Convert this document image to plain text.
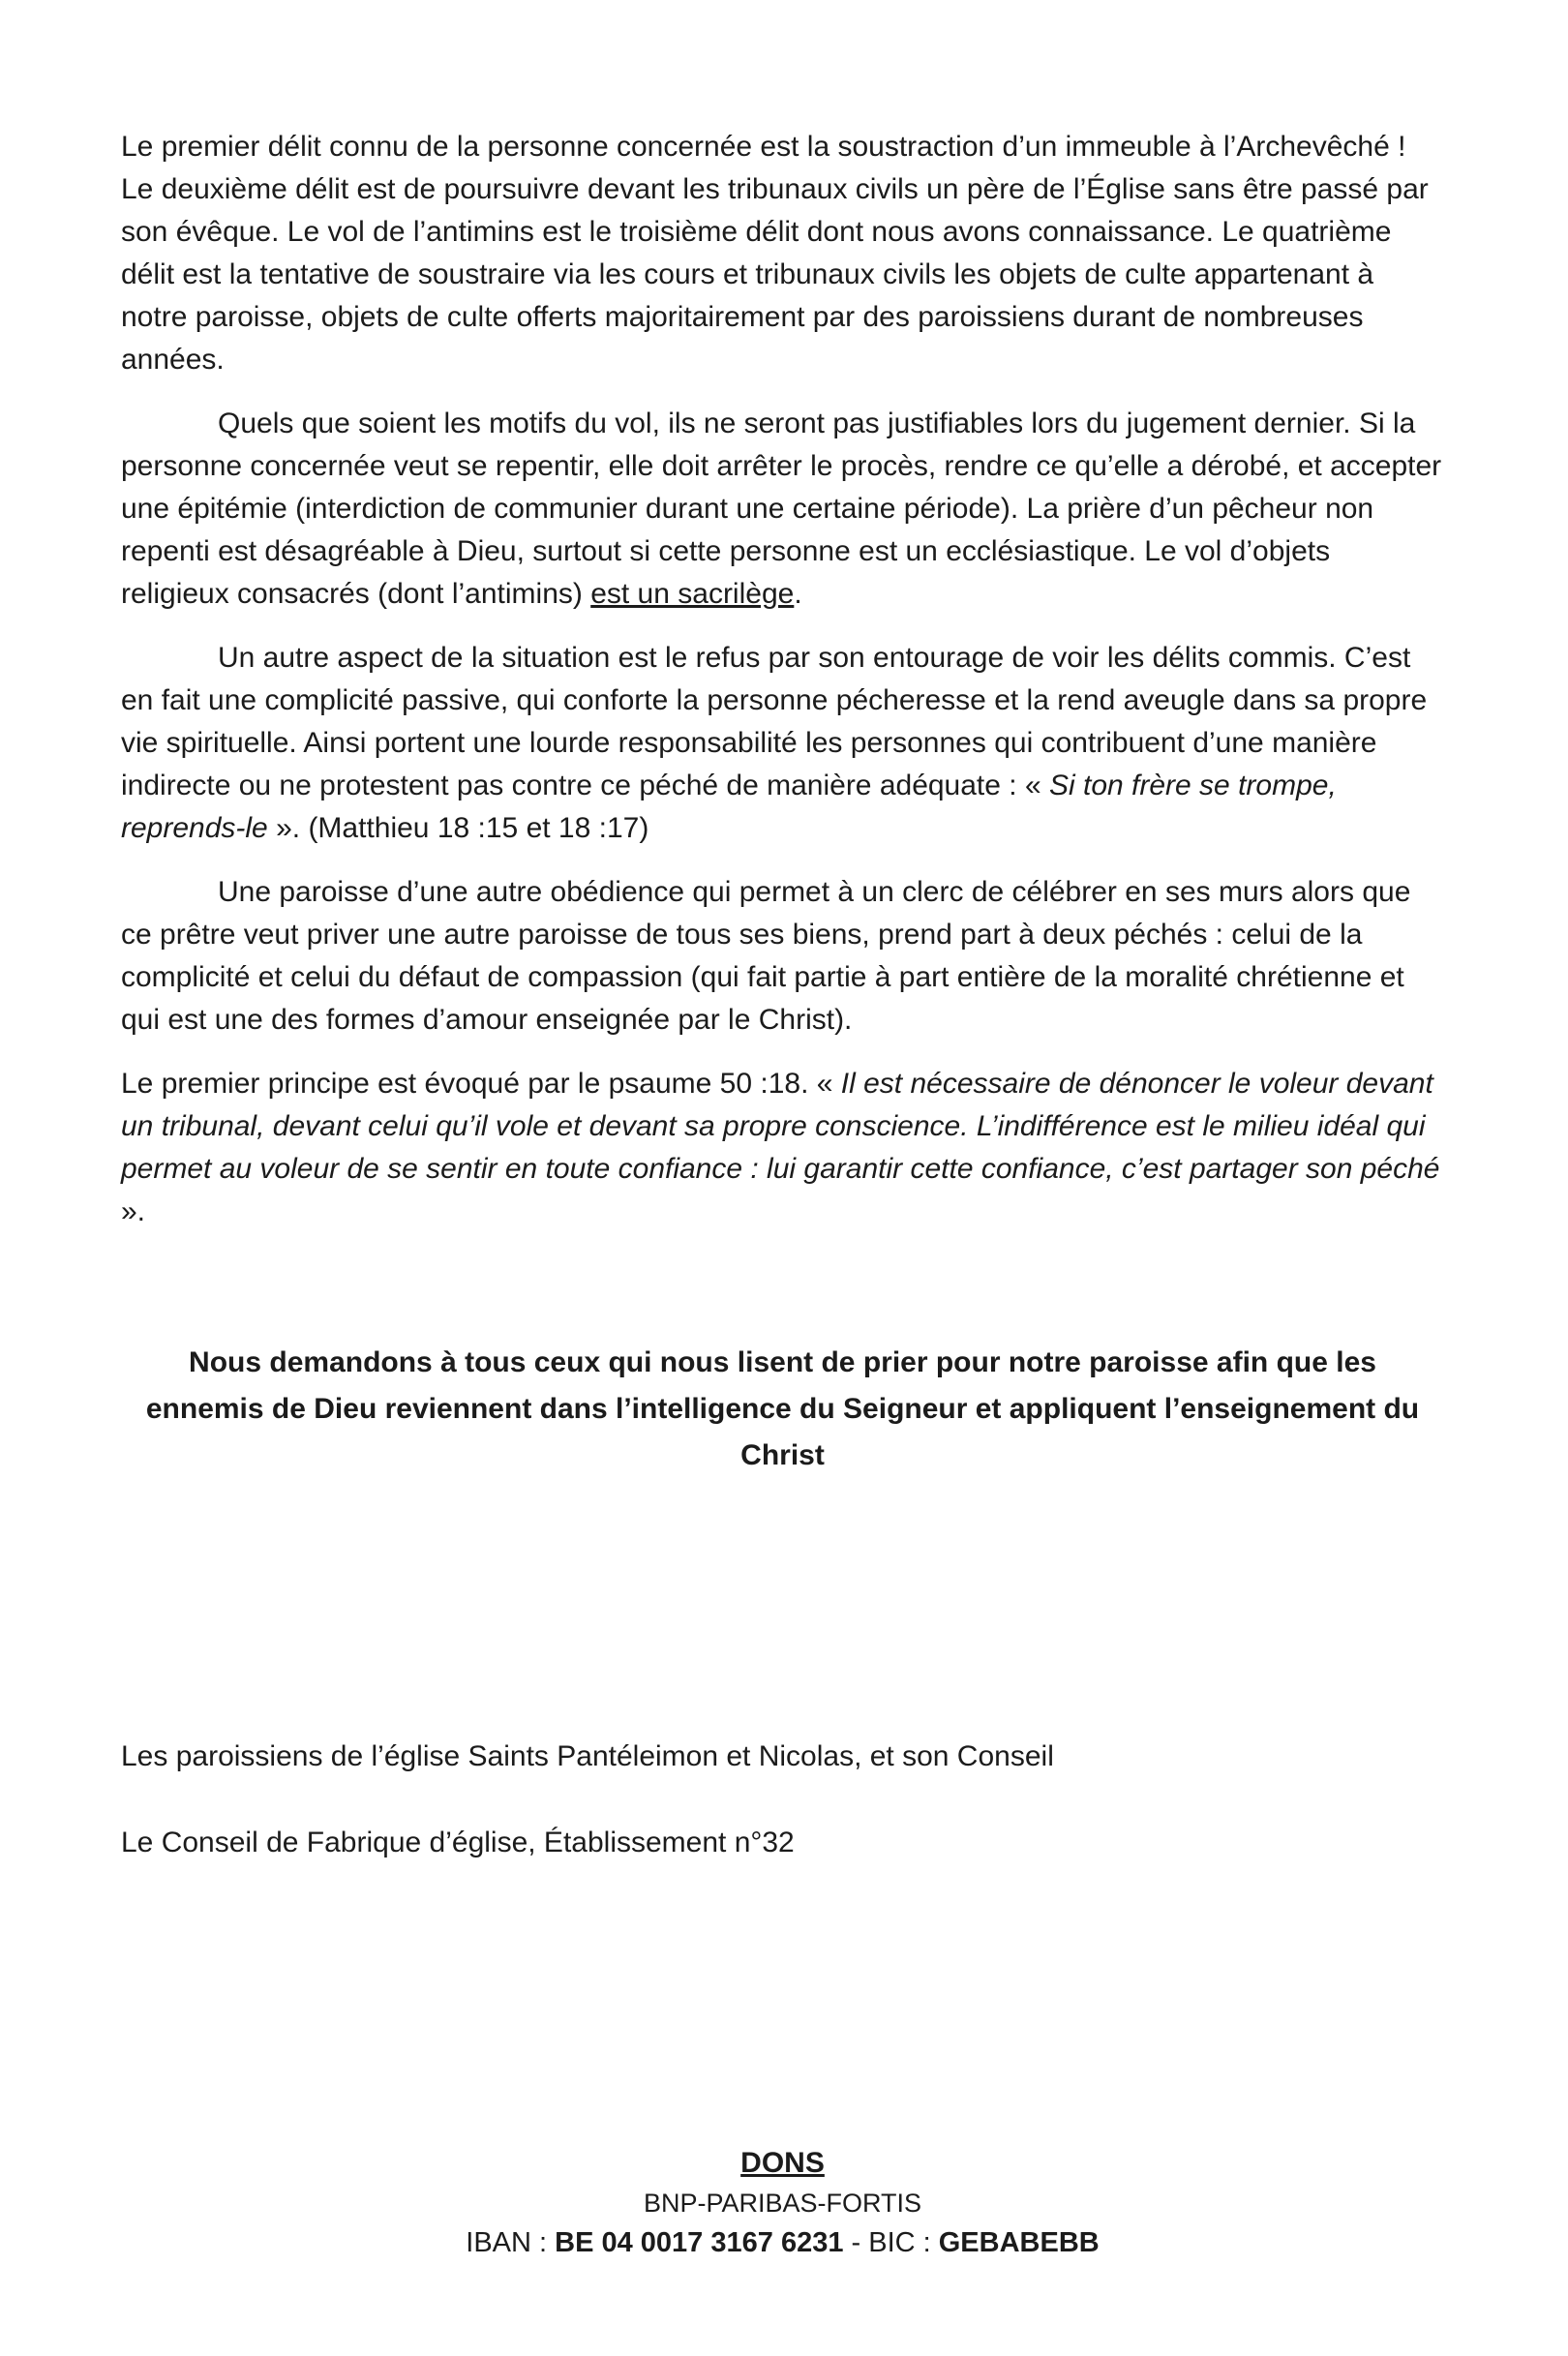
Le premier délit connu de la personne concernée est la soustraction d’un immeuble à l’Archevêché ! Le deuxième délit est de poursuivre devant les tribunaux civils un père de l’Église sans être passé par son évêque. Le vol de l’antimins est le troisième délit dont nous avons connaissance. Le quatrième délit est la tentative de soustraire via les cours et tribunaux civils les objets de culte appartenant à notre paroisse, objets de culte offerts majoritairement par des paroissiens durant de nombreuses années.

Quels que soient les motifs du vol, ils ne seront pas justifiables lors du jugement dernier. Si la personne concernée veut se repentir, elle doit arrêter le procès, rendre ce qu’elle a dérobé, et accepter une épitémie (interdiction de communier durant une certaine période). La prière d’un pêcheur non repenti est désagréable à Dieu, surtout si cette personne est un ecclésiastique. Le vol d’objets religieux consacrés (dont l’antimins) est un sacrilège.

Un autre aspect de la situation est le refus par son entourage de voir les délits commis. C’est en fait une complicité passive, qui conforte la personne pécheresse et la rend aveugle dans sa propre vie spirituelle. Ainsi portent une lourde responsabilité les personnes qui contribuent d’une manière indirecte ou ne protestent pas contre ce péché de manière adéquate : « Si ton frère se trompe, reprends-le ». (Matthieu 18 :15 et 18 :17)

Une paroisse d’une autre obédience qui permet à un clerc de célébrer en ses murs alors que ce prêtre veut priver une autre paroisse de tous ses biens, prend part à deux péchés : celui de la complicité et celui du défaut de compassion (qui fait partie à part entière de la moralité chrétienne et qui est une des formes d’amour enseignée par le Christ).

Le premier principe est évoqué par le psaume 50 :18. « Il est nécessaire de dénoncer le voleur devant un tribunal, devant celui qu’il vole et devant sa propre conscience. L’indifférence est le milieu idéal qui permet au voleur de se sentir en toute confiance : lui garantir cette confiance, c’est partager son péché ».

Nous demandons à tous ceux qui nous lisent de prier pour notre paroisse afin que les ennemis de Dieu reviennent dans l’intelligence du Seigneur et appliquent l’enseignement du Christ

Les paroissiens de l’église Saints Pantéleimon et Nicolas, et son Conseil

Le Conseil de Fabrique d’église, Établissement n°32

DONS

BNP-PARIBAS-FORTIS

IBAN : BE 04 0017 3167 6231 - BIC : GEBABEBB
